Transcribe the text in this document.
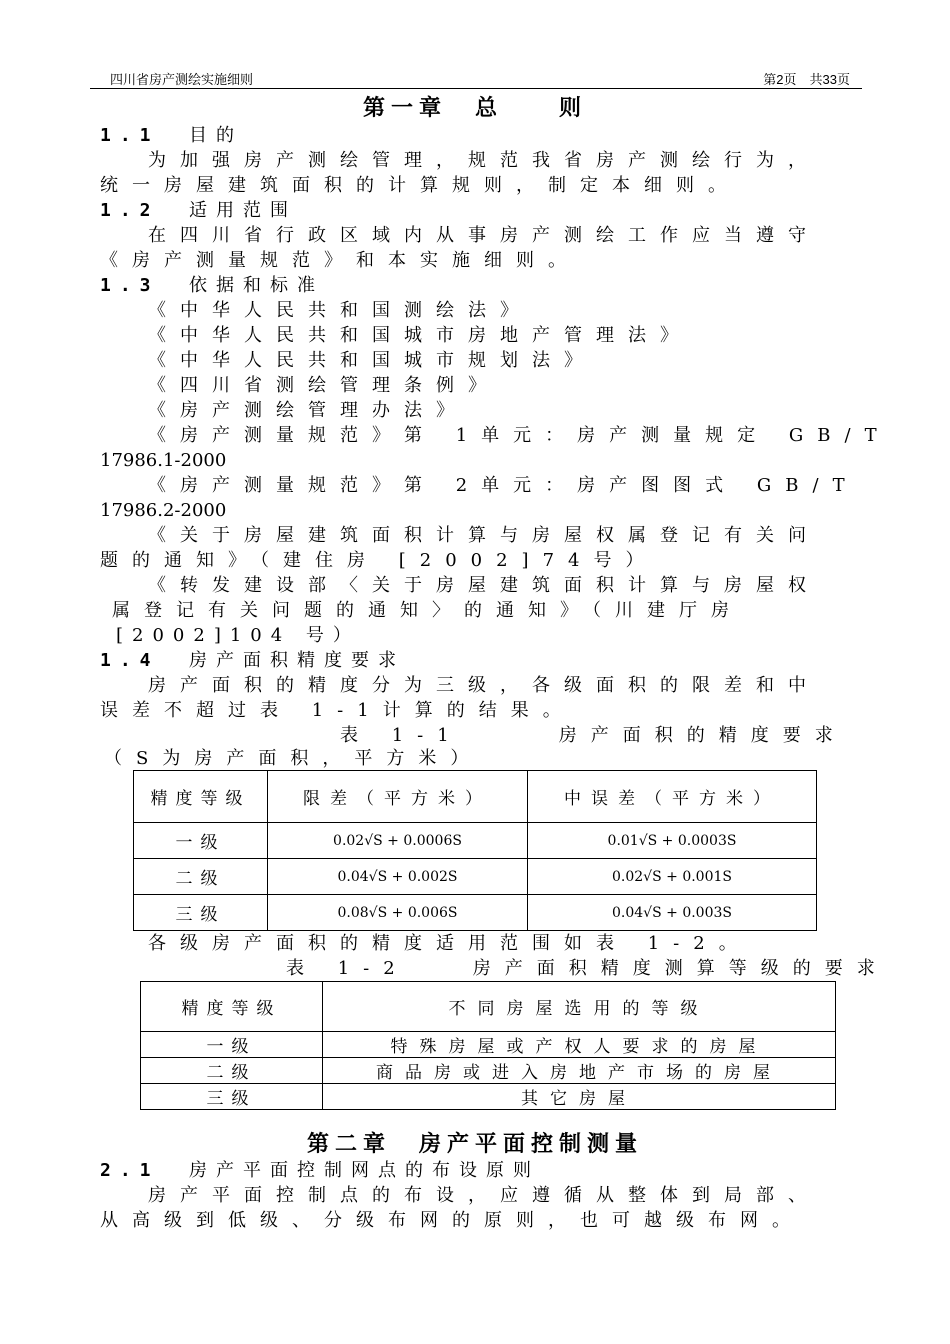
四川省房产测绘实施细则	第2页　共33页
第一章　总　　则
1.1 目的
为加强房产测绘管理，规范我省房产测绘行为，
统一房屋建筑面积的计算规则，制定本细则。
1.2 适用范围
在四川省行政区域内从事房产测绘工作应当遵守
《房产测量规范》和本实施细则。
1.3 依据和标准
《中华人民共和国测绘法》
《中华人民共和国城市房地产管理法》
《中华人民共和国城市规划法》
《四川省测绘管理条例》
《房产测绘管理办法》
《房产测量规范》第 1单元：房产测量规定 GB/T
17986.1-2000
《房产测量规范》第 2单元：房产图图式 GB/T
17986.2-2000
《关于房屋建筑面积计算与房屋权属登记有关问
题的通知》（建住房 [2002]74号）
《转发建设部〈关于房屋建筑面积计算与房屋权
属登记有关问题的通知〉的通知》（川建厅房
[2002]104 号）
1.4 房产面积精度要求
房产面积的精度分为三级，各级面积的限差和中
误差不超过表 1-1计算的结果。
表 1-1　　　房产面积的精度要求
（S为房产面积，平方米）
精度等级	限差（平方米）	中误差（平方米）
一级	0.02√S + 0.0006S	0.01√S + 0.0003S
二级	0.04√S + 0.002S	0.02√S + 0.001S
三级	0.08√S + 0.006S	0.04√S + 0.003S
各级房产面积的精度适用范围如表 1-2。
表 1-2　　房产面积精度测算等级的要求
精度等级	不同房屋选用的等级
一级	特殊房屋或产权人要求的房屋
二级	商品房或进入房地产市场的房屋
三级	其它房屋
第二章　房产平面控制测量
2.1 房产平面控制网点的布设原则
房产平面控制点的布设，应遵循从整体到局部、
从高级到低级、分级布网的原则，也可越级布网。
